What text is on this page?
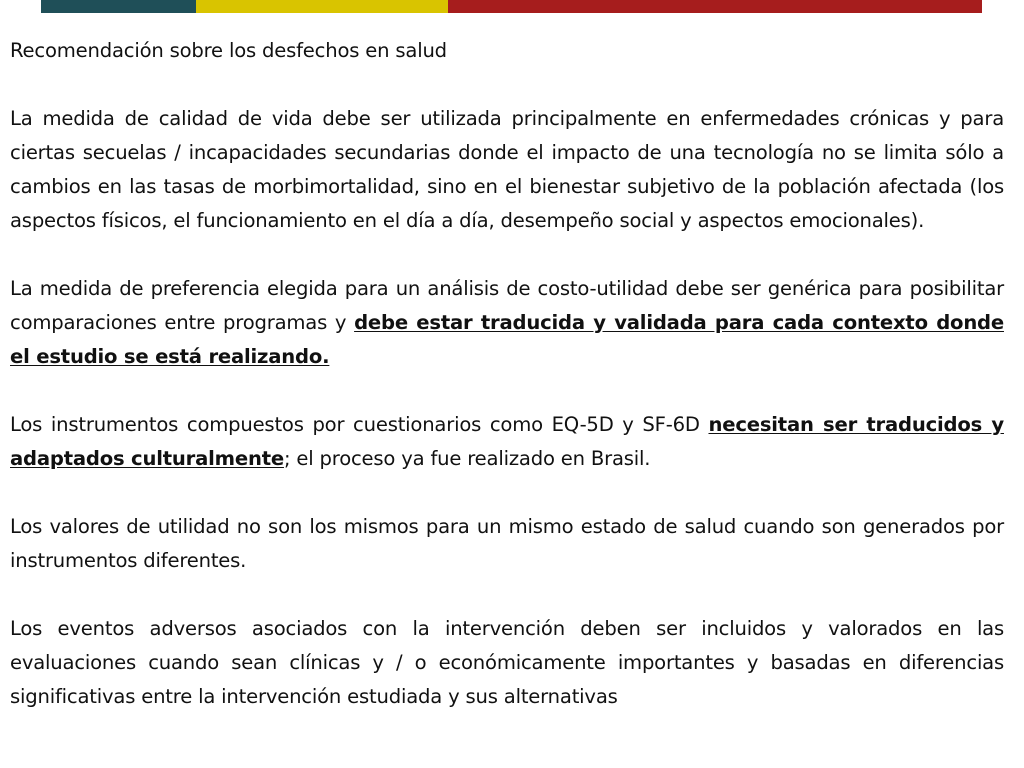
Recomendación sobre los desfechos en salud

La medida de calidad de vida debe ser utilizada principalmente en enfermedades crónicas y para ciertas secuelas / incapacidades secundarias donde el impacto de una tecnología no se limita sólo a cambios en las tasas de morbimortalidad, sino en el bienestar subjetivo de la población afectada (los aspectos físicos, el funcionamiento en el día a día, desempeño social y aspectos emocionales).

La medida de preferencia elegida para un análisis de costo-utilidad debe ser genérica para posibilitar comparaciones entre programas y debe estar traducida y validada para cada contexto donde el estudio se está realizando.

Los instrumentos compuestos por cuestionarios como EQ-5D y SF-6D necesitan ser traducidos y adaptados culturalmente; el proceso ya fue realizado en Brasil.

Los valores de utilidad no son los mismos para un mismo estado de salud cuando son generados por instrumentos diferentes.

Los eventos adversos asociados con la intervención deben ser incluidos y valorados en las evaluaciones cuando sean clínicas y / o económicamente importantes y basadas en diferencias significativas entre la intervención estudiada y sus alternativas
